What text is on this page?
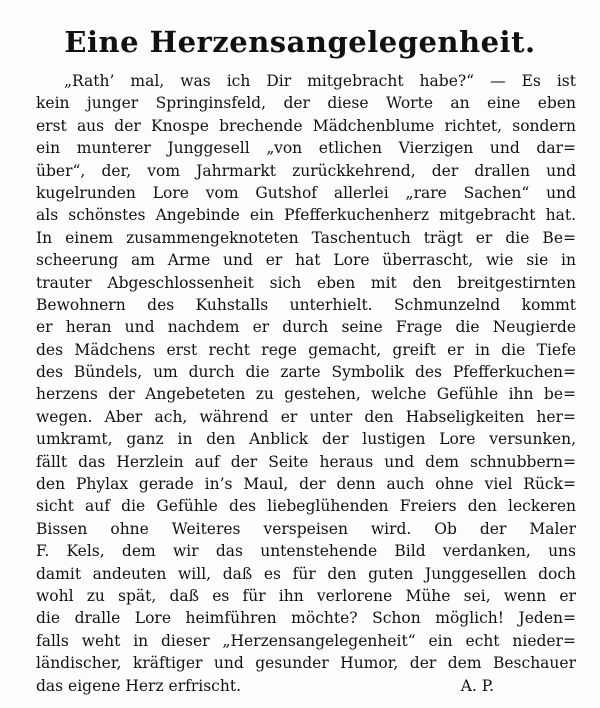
Eine Herzensangelegenheit.
„Rath’ mal, was ich Dir mitgebracht habe?“ — Es ist
kein junger Springinsfeld, der diese Worte an eine eben
erst aus der Knospe brechende Mädchenblume richtet, sondern
ein munterer Junggesell „von etlichen Vierzigen und dar=
über“, der, vom Jahrmarkt zurückkehrend, der drallen und
kugelrunden Lore vom Gutshof allerlei „rare Sachen“ und
als schönstes Angebinde ein Pfefferkuchenherz mitgebracht hat.
In einem zusammengeknoteten Taschentuch trägt er die Be=
scheerung am Arme und er hat Lore überrascht, wie sie in
trauter Abgeschlossenheit sich eben mit den breitgestirnten
Bewohnern des Kuhstalls unterhielt. Schmunzelnd kommt
er heran und nachdem er durch seine Frage die Neugierde
des Mädchens erst recht rege gemacht, greift er in die Tiefe
des Bündels, um durch die zarte Symbolik des Pfefferkuchen=
herzens der Angebeteten zu gestehen, welche Gefühle ihn be=
wegen. Aber ach, während er unter den Habseligkeiten her=
umkramt, ganz in den Anblick der lustigen Lore versunken,
fällt das Herzlein auf der Seite heraus und dem schnubbern=
den Phylax gerade in’s Maul, der denn auch ohne viel Rück=
sicht auf die Gefühle des liebeglühenden Freiers den leckeren
Bissen ohne Weiteres verspeisen wird. Ob der Maler
F. Kels, dem wir das untenstehende Bild verdanken, uns
damit andeuten will, daß es für den guten Junggesellen doch
wohl zu spät, daß es für ihn verlorene Mühe sei, wenn er
die dralle Lore heimführen möchte? Schon möglich! Jeden=
falls weht in dieser „Herzensangelegenheit“ ein echt nieder=
ländischer, kräftiger und gesunder Humor, der dem Beschauer
das eigene Herz erfrischt.	A. P.
